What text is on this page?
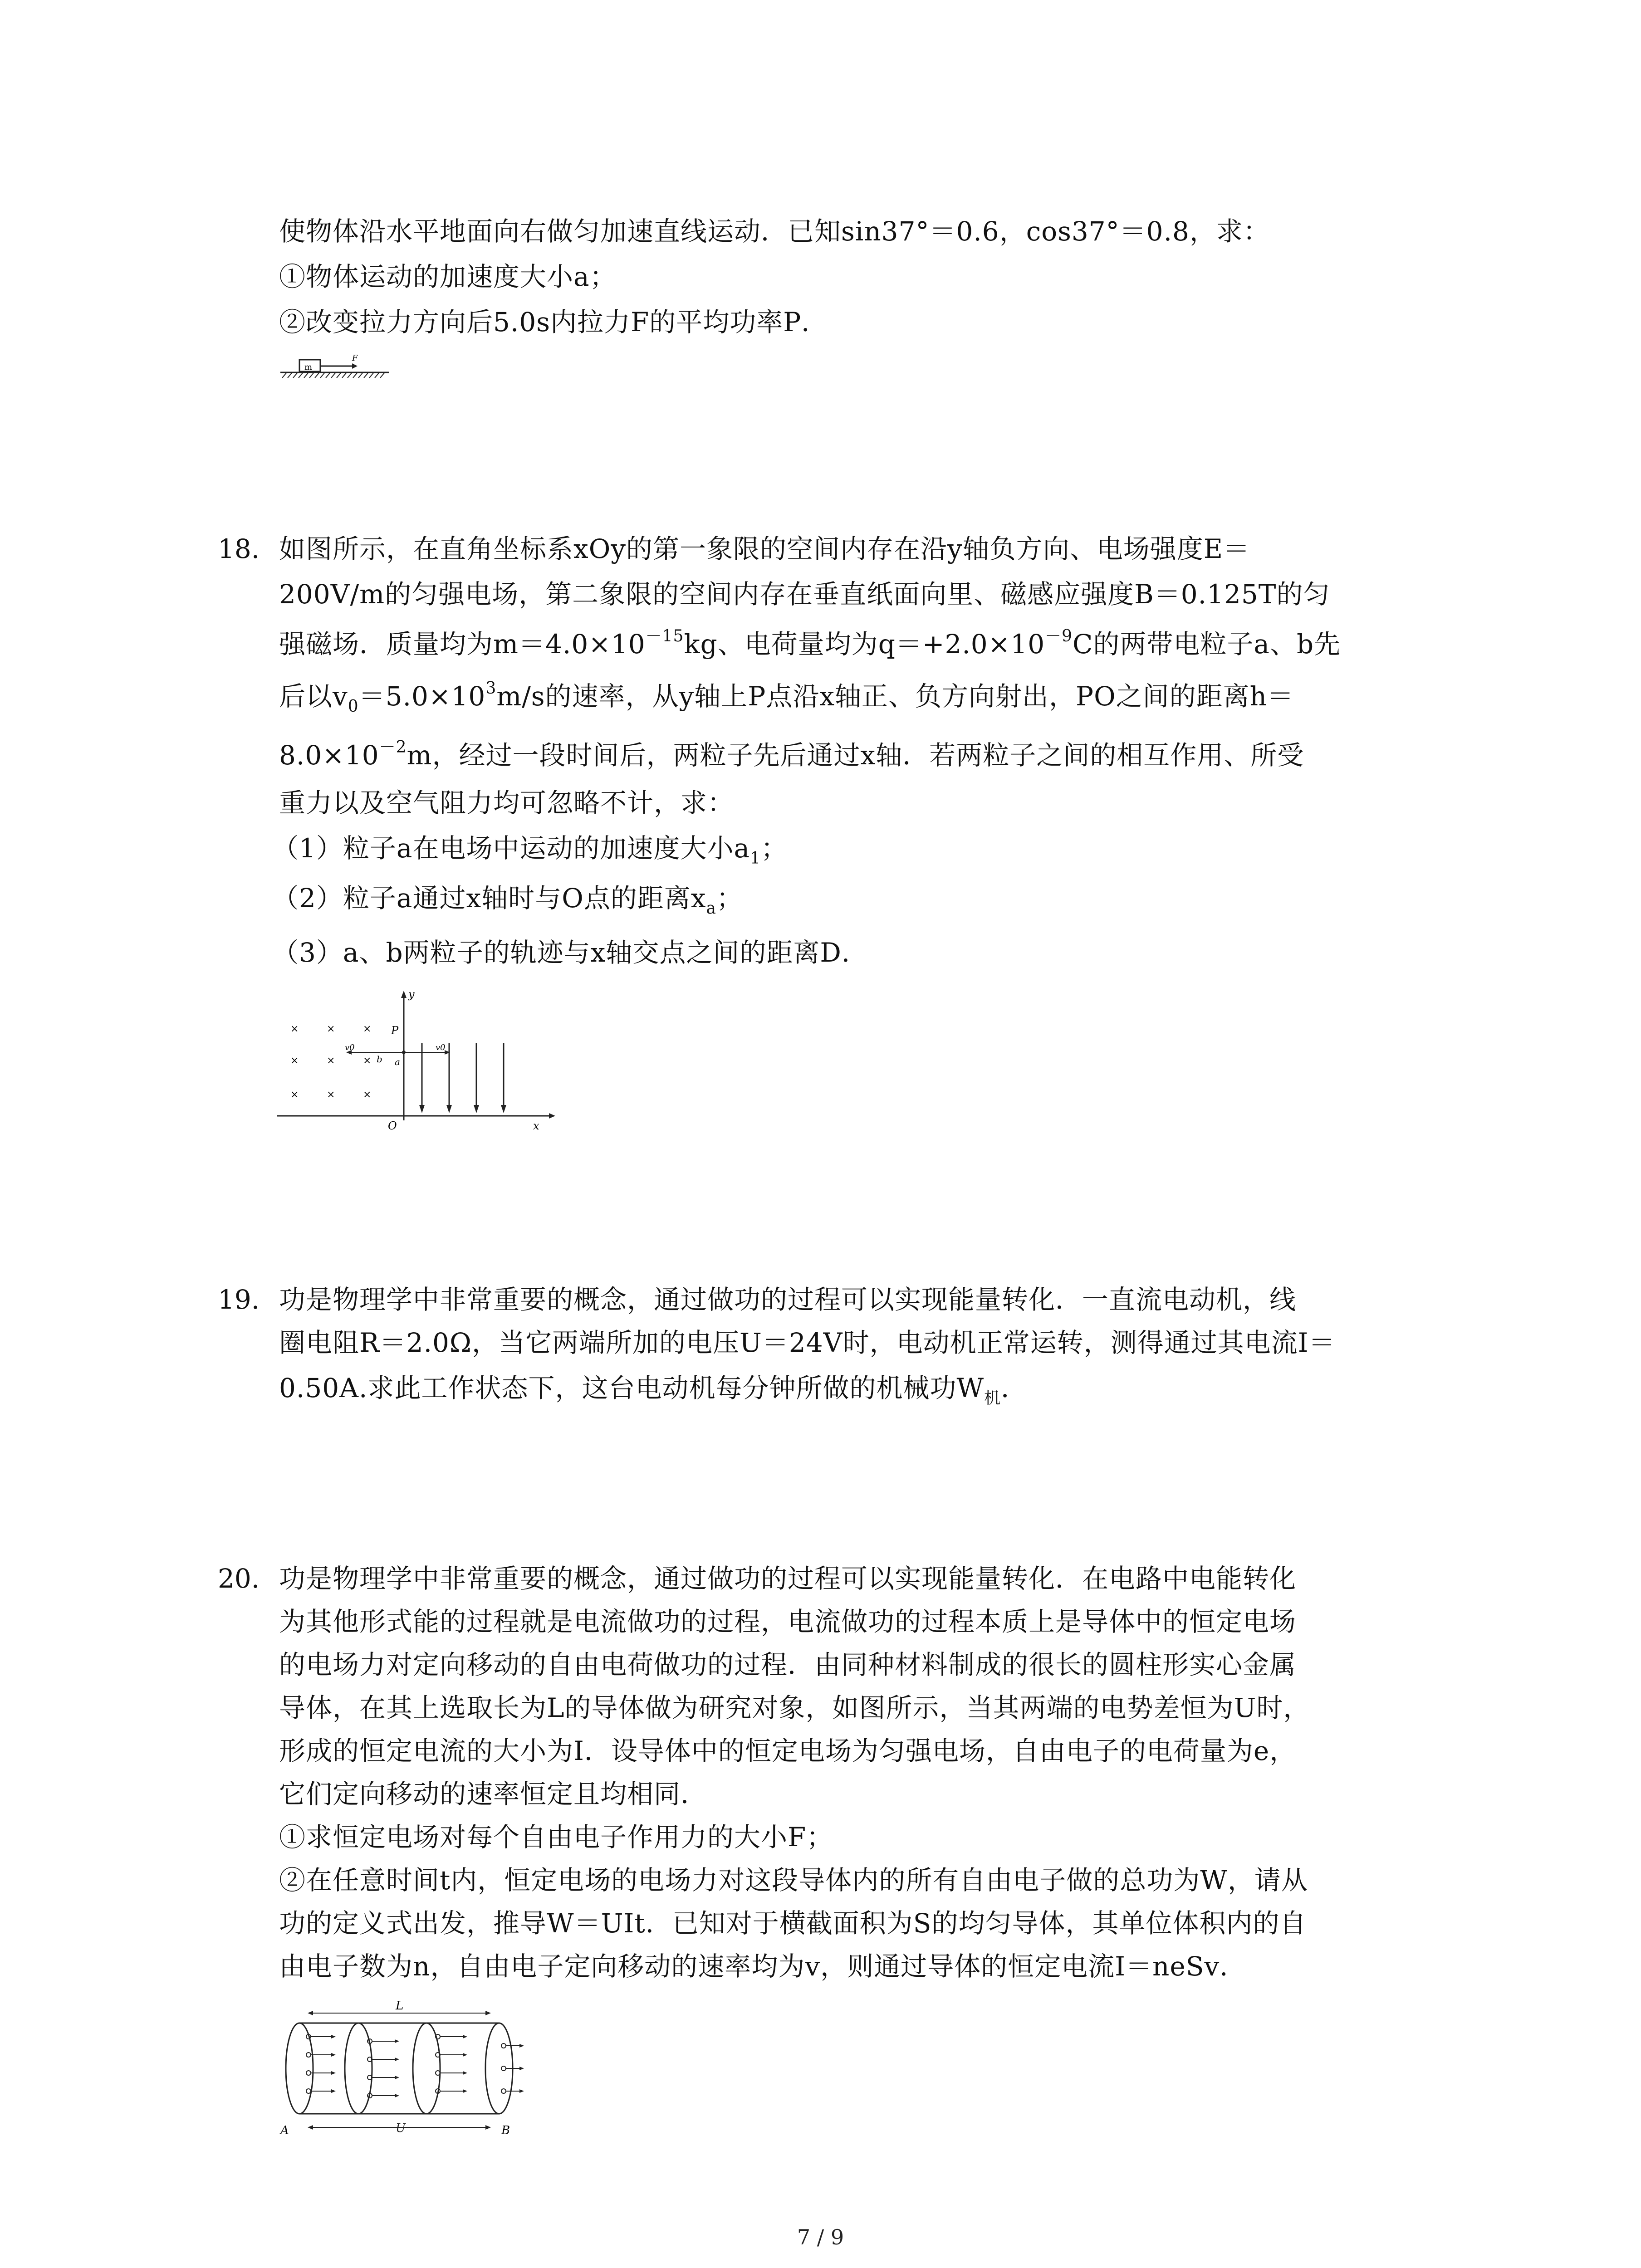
使物体沿水平地面向右做匀加速直线运动．已知sin37°＝0.6，cos37°＝0.8，求：
①物体运动的加速度大小a；
②改变拉力方向后5.0s内拉力F的平均功率P．
m
F
18. 如图所示，在直角坐标系xOy的第一象限的空间内存在沿y轴负方向、电场强度E＝
200V/m的匀强电场，第二象限的空间内存在垂直纸面向里、磁感应强度B＝0.125T的匀
强磁场．质量均为$m=4.0\times 10^{-15}kg$、电荷量均为$q=+2.0\times 10^{-9}C$的两带电粒子a、b先
后以$v_0=5.0\times 10^3m/s$的速率，从y轴上P点沿x轴正、负方向射出，PO之间的距离h＝
$8.0\times 10^{-2}m$，经过一段时间后，两粒子先后通过x轴．若两粒子之间的相互作用、所受
重力以及空气阻力均可忽略不计，求：
（1）粒子a在电场中运动的加速度大小$a_1$；
（2）粒子a通过x轴时与O点的距离$x_a$；
（3）a、b两粒子的轨迹与x轴交点之间的距离D．
x
y
O
×	×	×
×	×	×
×	×	×
P
v0
b
v0
a
19. 功是物理学中非常重要的概念，通过做功的过程可以实现能量转化．一直流电动机，线
圈电阻R＝2.0Ω，当它两端所加的电压U＝24V时，电动机正常运转，测得通过其电流I＝
0.50A.求此工作状态下，这台电动机每分钟所做的机械功$W_机$．
20. 功是物理学中非常重要的概念，通过做功的过程可以实现能量转化．在电路中电能转化
为其他形式能的过程就是电流做功的过程，电流做功的过程本质上是导体中的恒定电场
的电场力对定向移动的自由电荷做功的过程．由同种材料制成的很长的圆柱形实心金属
导体，在其上选取长为L的导体做为研究对象，如图所示，当其两端的电势差恒为U时，
形成的恒定电流的大小为I．设导体中的恒定电场为匀强电场，自由电子的电荷量为e，
它们定向移动的速率恒定且均相同．
①求恒定电场对每个自由电子作用力的大小F；
②在任意时间t内，恒定电场的电场力对这段导体内的所有自由电子做的总功为W，请从
功的定义式出发，推导W＝UIt．已知对于横截面积为S的均匀导体，其单位体积内的自
由电子数为n，自由电子定向移动的速率均为v，则通过导体的恒定电流I＝neSv．
L
U
A	B
7 / 9
